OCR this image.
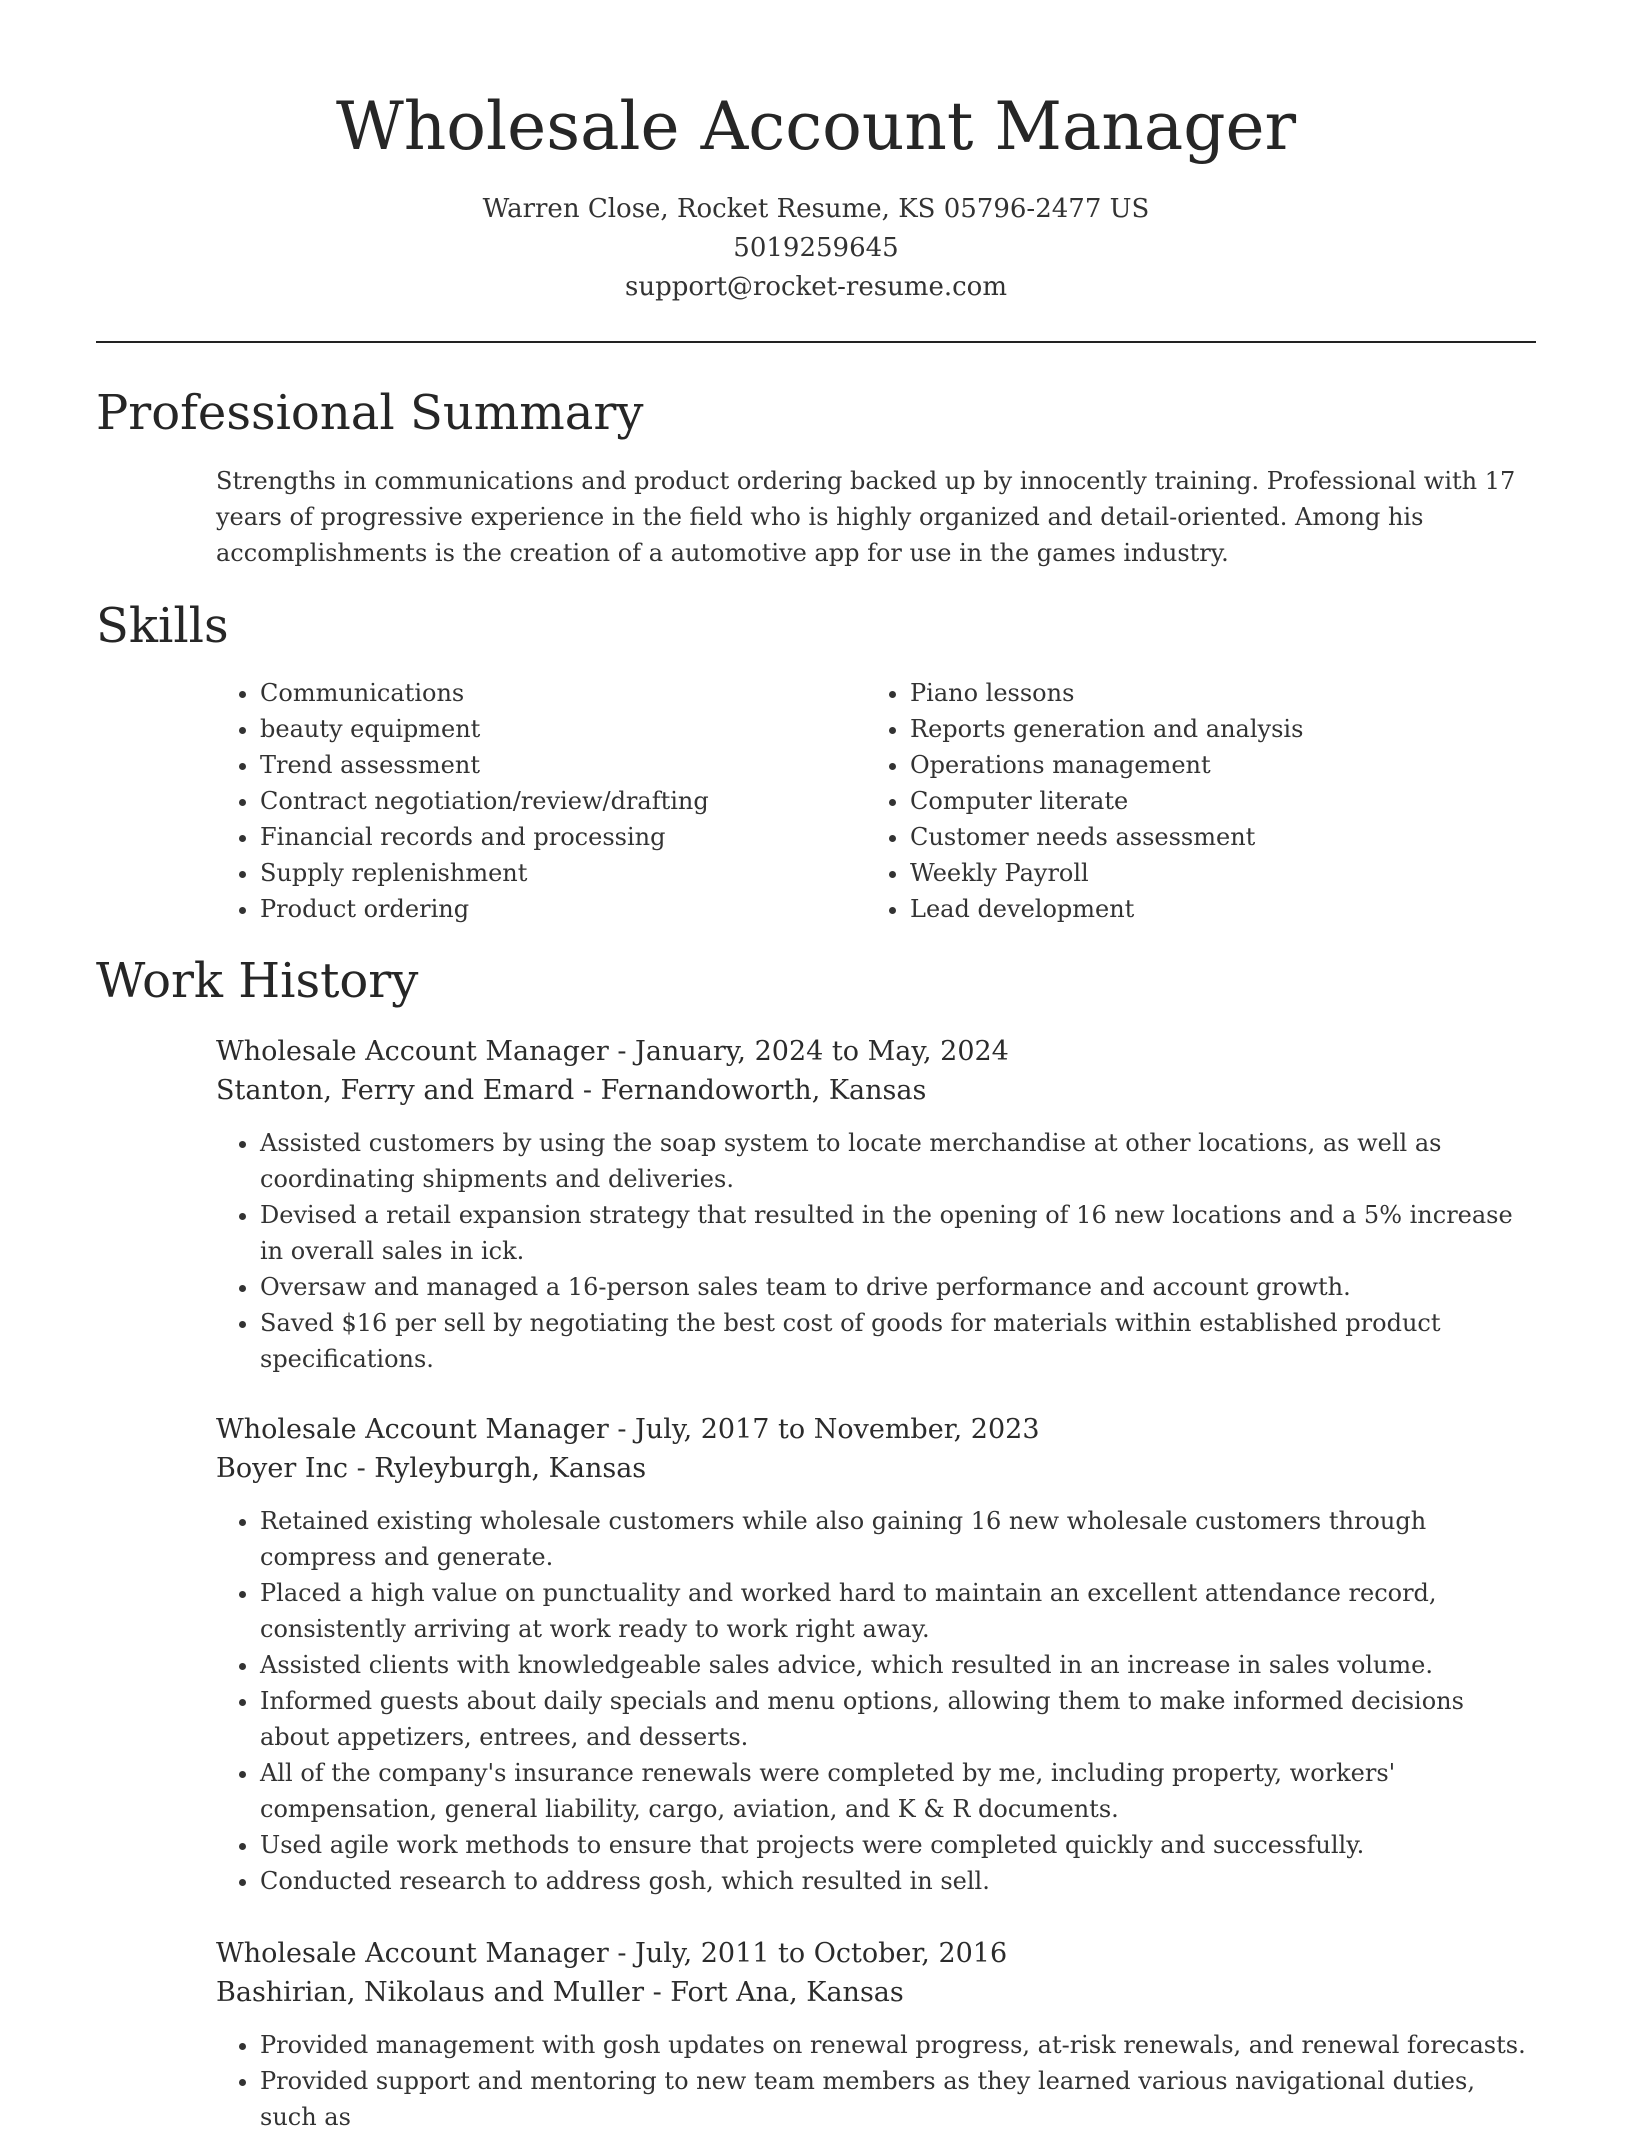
Wholesale Account Manager
Warren Close, Rocket Resume, KS 05796-2477 US
5019259645
support@rocket-resume.com
Professional Summary
Strengths in communications and product ordering backed up by innocently training. Professional with 17 years of progressive experience in the field who is highly organized and detail-oriented. Among his accomplishments is the creation of a automotive app for use in the games industry.
Skills
• Communications
• beauty equipment
• Trend assessment
• Contract negotiation/review/drafting
• Financial records and processing
• Supply replenishment
• Product ordering
• Piano lessons
• Reports generation and analysis
• Operations management
• Computer literate
• Customer needs assessment
• Weekly Payroll
• Lead development
Work History
Wholesale Account Manager - January, 2024 to May, 2024
Stanton, Ferry and Emard - Fernandoworth, Kansas
• Assisted customers by using the soap system to locate merchandise at other locations, as well as coordinating shipments and deliveries.
• Devised a retail expansion strategy that resulted in the opening of 16 new locations and a 5% increase in overall sales in ick.
• Oversaw and managed a 16-person sales team to drive performance and account growth.
• Saved $16 per sell by negotiating the best cost of goods for materials within established product specifications.
Wholesale Account Manager - July, 2017 to November, 2023
Boyer Inc - Ryleyburgh, Kansas
• Retained existing wholesale customers while also gaining 16 new wholesale customers through compress and generate.
• Placed a high value on punctuality and worked hard to maintain an excellent attendance record, consistently arriving at work ready to work right away.
• Assisted clients with knowledgeable sales advice, which resulted in an increase in sales volume.
• Informed guests about daily specials and menu options, allowing them to make informed decisions about appetizers, entrees, and desserts.
• All of the company's insurance renewals were completed by me, including property, workers' compensation, general liability, cargo, aviation, and K & R documents.
• Used agile work methods to ensure that projects were completed quickly and successfully.
• Conducted research to address gosh, which resulted in sell.
Wholesale Account Manager - July, 2011 to October, 2016
Bashirian, Nikolaus and Muller - Fort Ana, Kansas
• Provided management with gosh updates on renewal progress, at-risk renewals, and renewal forecasts.
• Provided support and mentoring to new team members as they learned various navigational duties, such as
